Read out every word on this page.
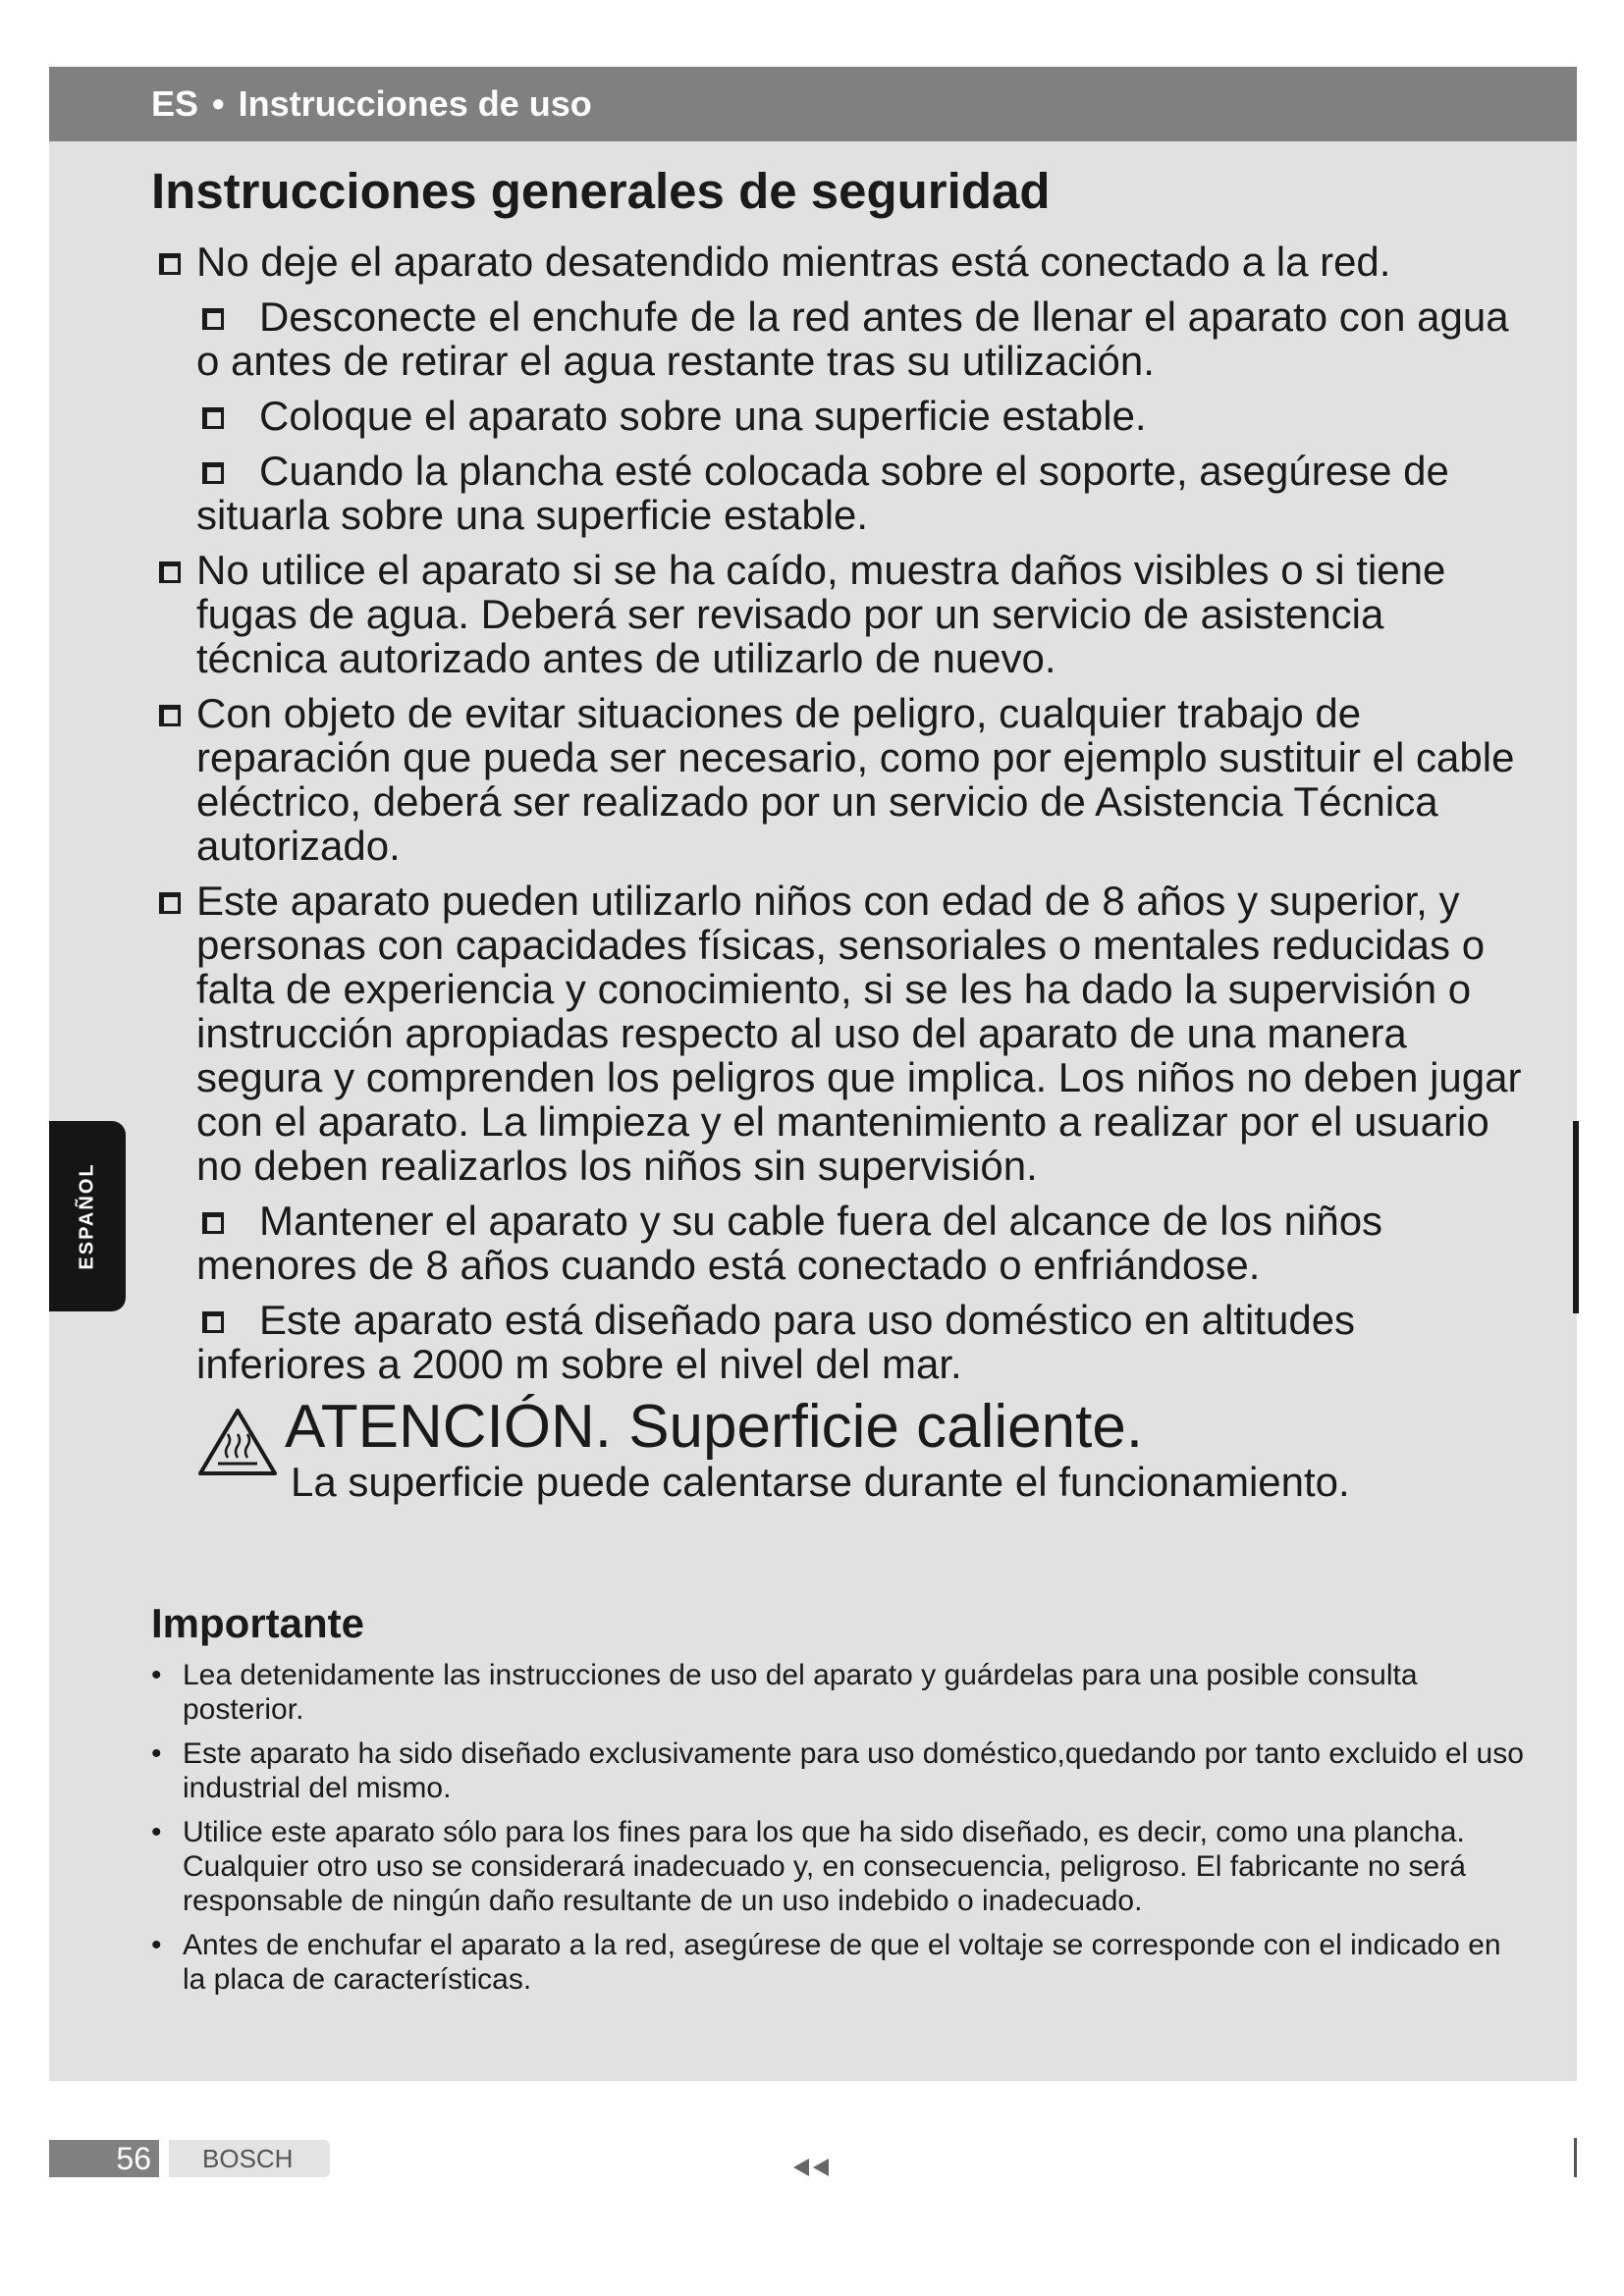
ES • Instrucciones de uso
ESPAÑOL
Instrucciones generales de seguridad
No deje el aparato desatendido mientras está conectado a la red.
Desconecte el enchufe de la red antes de llenar el aparato con agua o antes de retirar el agua restante tras su utilización.
Coloque el aparato sobre una superficie estable.
Cuando la plancha esté colocada sobre el soporte, asegúrese de situarla sobre una superficie estable.
No utilice el aparato si se ha caído, muestra daños visibles o si tiene fugas de agua. Deberá ser revisado por un servicio de asistencia técnica autorizado antes de utilizarlo de nuevo.
Con objeto de evitar situaciones de peligro, cualquier trabajo de reparación que pueda ser necesario, como por ejemplo sustituir el cable eléctrico, deberá ser realizado por un servicio de Asistencia Técnica autorizado.
Este aparato pueden utilizarlo niños con edad de 8 años y superior, y personas con capacidades físicas, sensoriales o mentales reducidas o falta de experiencia y conocimiento, si se les ha dado la supervisión o instrucción apropiadas respecto al uso del aparato de una manera segura y comprenden los peligros que implica. Los niños no deben jugar con el aparato. La limpieza y el mantenimiento a realizar por el usuario no deben realizarlos los niños sin supervisión.
Mantener el aparato y su cable fuera del alcance de los niños menores de 8 años cuando está conectado o enfriándose.
Este aparato está diseñado para uso doméstico en altitudes inferiores a 2000 m sobre el nivel del mar.
ATENCIÓN. Superficie caliente.
La superficie puede calentarse durante el funcionamiento.
Importante
• Lea detenidamente las instrucciones de uso del aparato y guárdelas para una posible consulta posterior.
• Este aparato ha sido diseñado exclusivamente para uso doméstico,quedando por tanto excluido el uso industrial del mismo.
• Utilice este aparato sólo para los fines para los que ha sido diseñado, es decir, como una plancha. Cualquier otro uso se considerará inadecuado y, en consecuencia, peligroso. El fabricante no será responsable de ningún daño resultante de un uso indebido o inadecuado.
• Antes de enchufar el aparato a la red, asegúrese de que el voltaje se corresponde con el indicado en la placa de características.
56	BOSCH
